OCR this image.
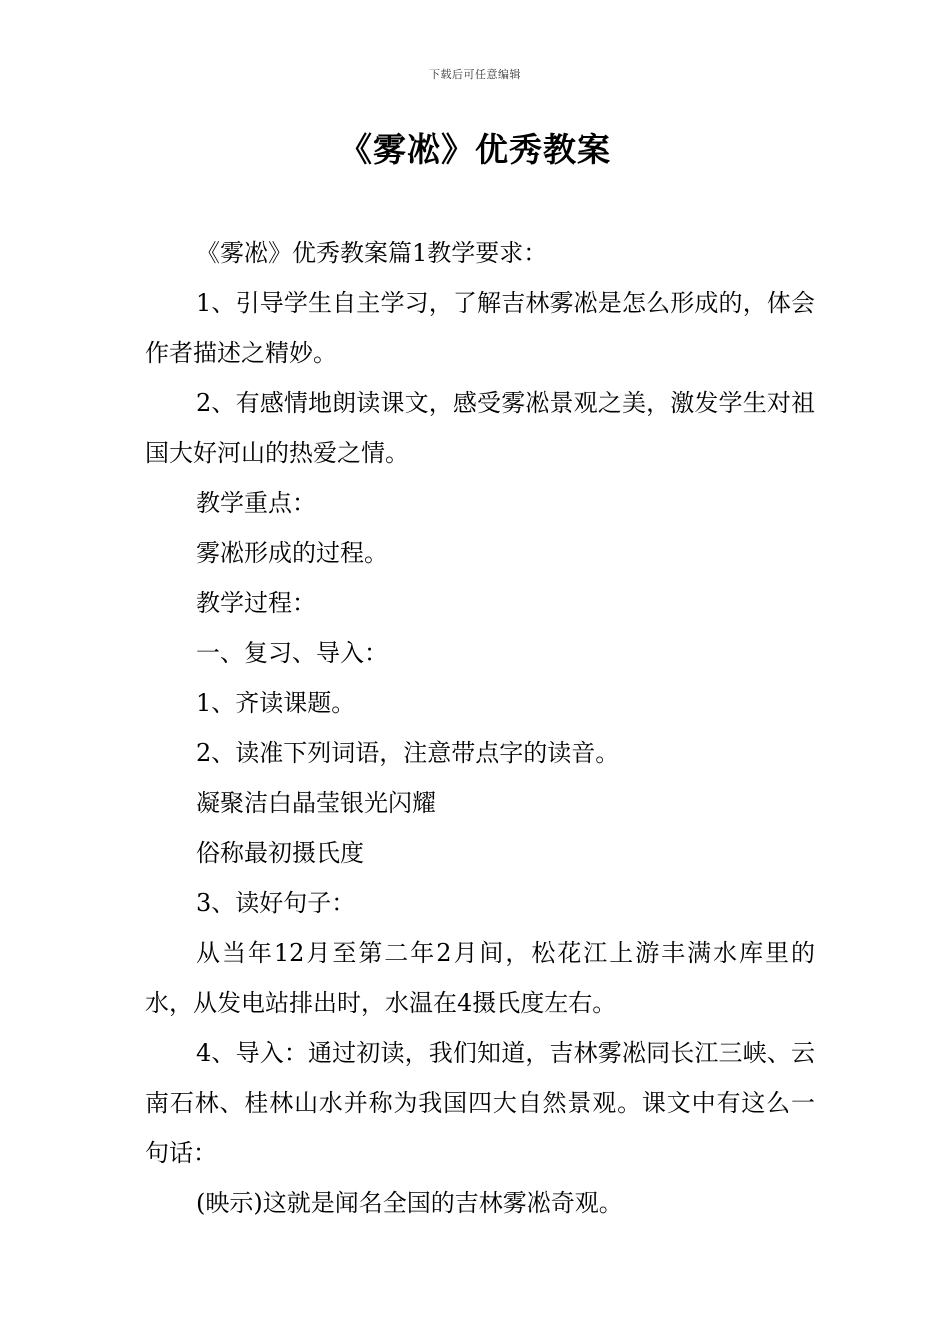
下载后可任意编辑
《雾凇》优秀教案

《雾凇》优秀教案篇1教学要求：

1、引导学生自主学习，了解吉林雾凇是怎么形成的，体会作者描述之精妙。

2、有感情地朗读课文，感受雾凇景观之美，激发学生对祖国大好河山的热爱之情。

教学重点：

雾凇形成的过程。

教学过程：

一、复习、导入：

1、齐读课题。

2、读准下列词语，注意带点字的读音。

凝聚洁白晶莹银光闪耀

俗称最初摄氏度

3、读好句子：

从当年12月至第二年2月间，松花江上游丰满水库里的水，从发电站排出时，水温在4摄氏度左右。

4、导入：通过初读，我们知道，吉林雾凇同长江三峡、云南石林、桂林山水并称为我国四大自然景观。课文中有这么一句话：

(映示)这就是闻名全国的吉林雾凇奇观。
